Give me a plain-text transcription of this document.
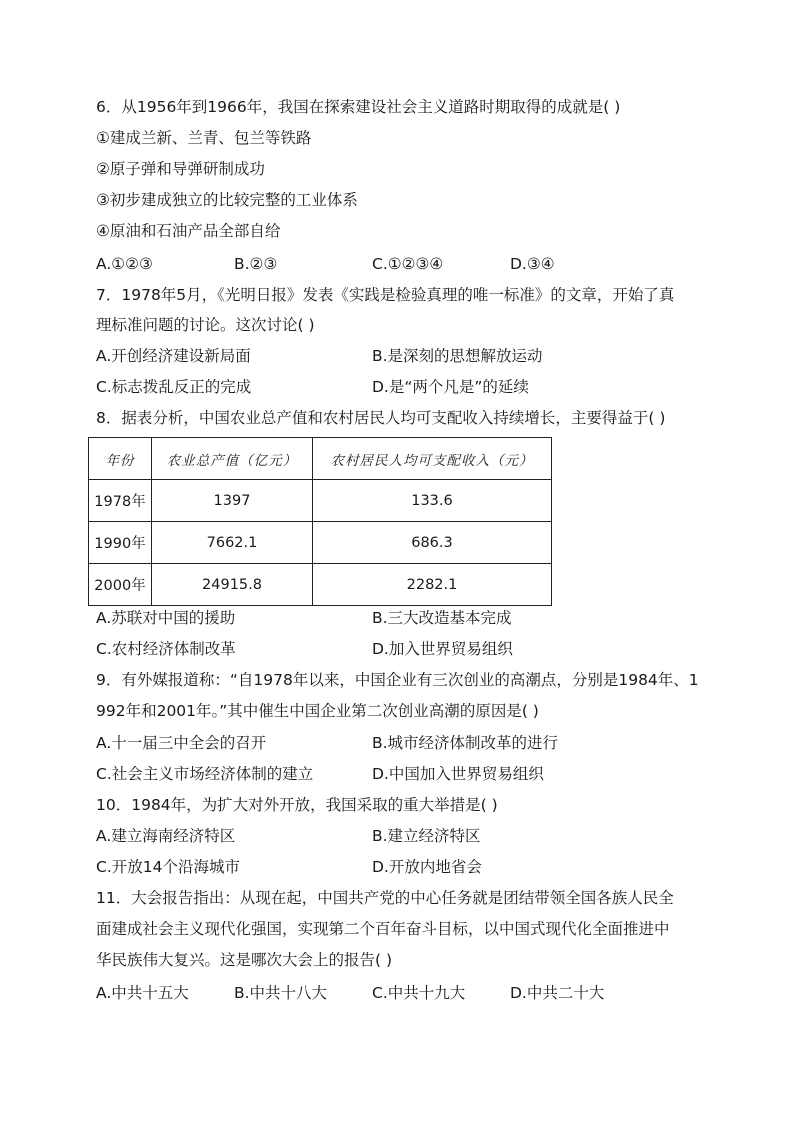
6．从1956年到1966年，我国在探索建设社会主义道路时期取得的成就是( )
①建成兰新、兰青、包兰等铁路
②原子弹和导弹研制成功
③初步建成独立的比较完整的工业体系
④原油和石油产品全部自给
A.①②③	B.②③	C.①②③④	D.③④
7．1978年5月，《光明日报》发表《实践是检验真理的唯一标准》的文章，开始了真
理标准问题的讨论。这次讨论( )
A.开创经济建设新局面	B.是深刻的思想解放运动
C.标志拨乱反正的完成	D.是“两个凡是”的延续
8．据表分析，中国农业总产值和农村居民人均可支配收入持续增长，主要得益于( )
年份	农业总产值（亿元）	农村居民人均可支配收入（元）
1978年	1397	133.6
1990年	7662.1	686.3
2000年	24915.8	2282.1
A.苏联对中国的援助	B.三大改造基本完成
C.农村经济体制改革	D.加入世界贸易组织
9．有外媒报道称：“自1978年以来，中国企业有三次创业的高潮点，分别是1984年、1
992年和2001年。”其中催生中国企业第二次创业高潮的原因是( )
A.十一届三中全会的召开	B.城市经济体制改革的进行
C.社会主义市场经济体制的建立	D.中国加入世界贸易组织
10．1984年，为扩大对外开放，我国采取的重大举措是( )
A.建立海南经济特区	B.建立经济特区
C.开放14个沿海城市	D.开放内地省会
11．大会报告指出：从现在起，中国共产党的中心任务就是团结带领全国各族人民全
面建成社会主义现代化强国，实现第二个百年奋斗目标，以中国式现代化全面推进中
华民族伟大复兴。这是哪次大会上的报告( )
A.中共十五大	B.中共十八大	C.中共十九大	D.中共二十大
